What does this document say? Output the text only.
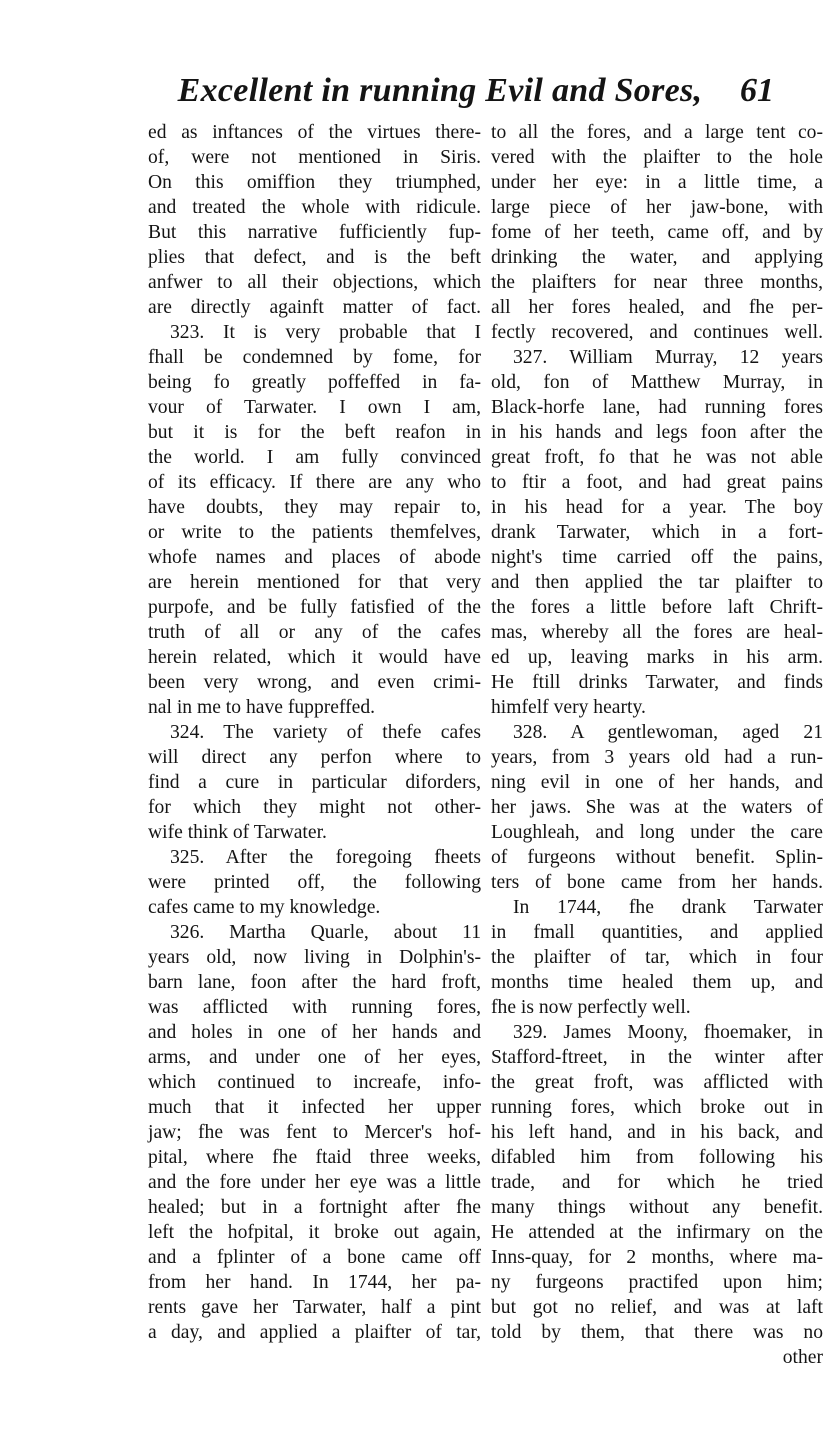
Excellent in running Evil and Sores,	61
ed as inftances of the virtues there-
of, were not mentioned in Siris.
On this omiffion they triumphed,
and treated the whole with ridicule.
But this narrative fufficiently fup-
plies that defect, and is the beft
anfwer to all their objections, which
are directly againft matter of fact.
323. It is very probable that I
fhall be condemned by fome, for
being fo greatly poffeffed in fa-
vour of Tarwater. I own I am,
but it is for the beft reafon in
the world. I am fully convinced
of its efficacy. If there are any who
have doubts, they may repair to,
or write to the patients themfelves,
whofe names and places of abode
are herein mentioned for that very
purpofe, and be fully fatisfied of the
truth of all or any of the cafes
herein related, which it would have
been very wrong, and even crimi-
nal in me to have fuppreffed.
324. The variety of thefe cafes
will direct any perfon where to
find a cure in particular diforders,
for which they might not other-
wife think of Tarwater.
325. After the foregoing fheets
were printed off, the following
cafes came to my knowledge.
326. Martha Quarle, about 11
years old, now living in Dolphin's-
barn lane, foon after the hard froft,
was afflicted with running fores,
and holes in one of her hands and
arms, and under one of her eyes,
which continued to increafe, info-
much that it infected her upper
jaw; fhe was fent to Mercer's hof-
pital, where fhe ftaid three weeks,
and the fore under her eye was a little
healed; but in a fortnight after fhe
left the hofpital, it broke out again,
and a fplinter of a bone came off
from her hand. In 1744, her pa-
rents gave her Tarwater, half a pint
a day, and applied a plaifter of tar,
to all the fores, and a large tent co-
vered with the plaifter to the hole
under her eye: in a little time, a
large piece of her jaw-bone, with
fome of her teeth, came off, and by
drinking the water, and applying
the plaifters for near three months,
all her fores healed, and fhe per-
fectly recovered, and continues well.
327. William Murray, 12 years
old, fon of Matthew Murray, in
Black-horfe lane, had running fores
in his hands and legs foon after the
great froft, fo that he was not able
to ftir a foot, and had great pains
in his head for a year. The boy
drank Tarwater, which in a fort-
night's time carried off the pains,
and then applied the tar plaifter to
the fores a little before laft Chrift-
mas, whereby all the fores are heal-
ed up, leaving marks in his arm.
He ftill drinks Tarwater, and finds
himfelf very hearty.
328. A gentlewoman, aged 21
years, from 3 years old had a run-
ning evil in one of her hands, and
her jaws. She was at the waters of
Loughleah, and long under the care
of furgeons without benefit. Splin-
ters of bone came from her hands.
In 1744, fhe drank Tarwater
in fmall quantities, and applied
the plaifter of tar, which in four
months time healed them up, and
fhe is now perfectly well.
329. James Moony, fhoemaker, in
Stafford-ftreet, in the winter after
the great froft, was afflicted with
running fores, which broke out in
his left hand, and in his back, and
difabled him from following his
trade, and for which he tried
many things without any benefit.
He attended at the infirmary on the
Inns-quay, for 2 months, where ma-
ny furgeons practifed upon him;
but got no relief, and was at laft
told by them, that there was no
other
